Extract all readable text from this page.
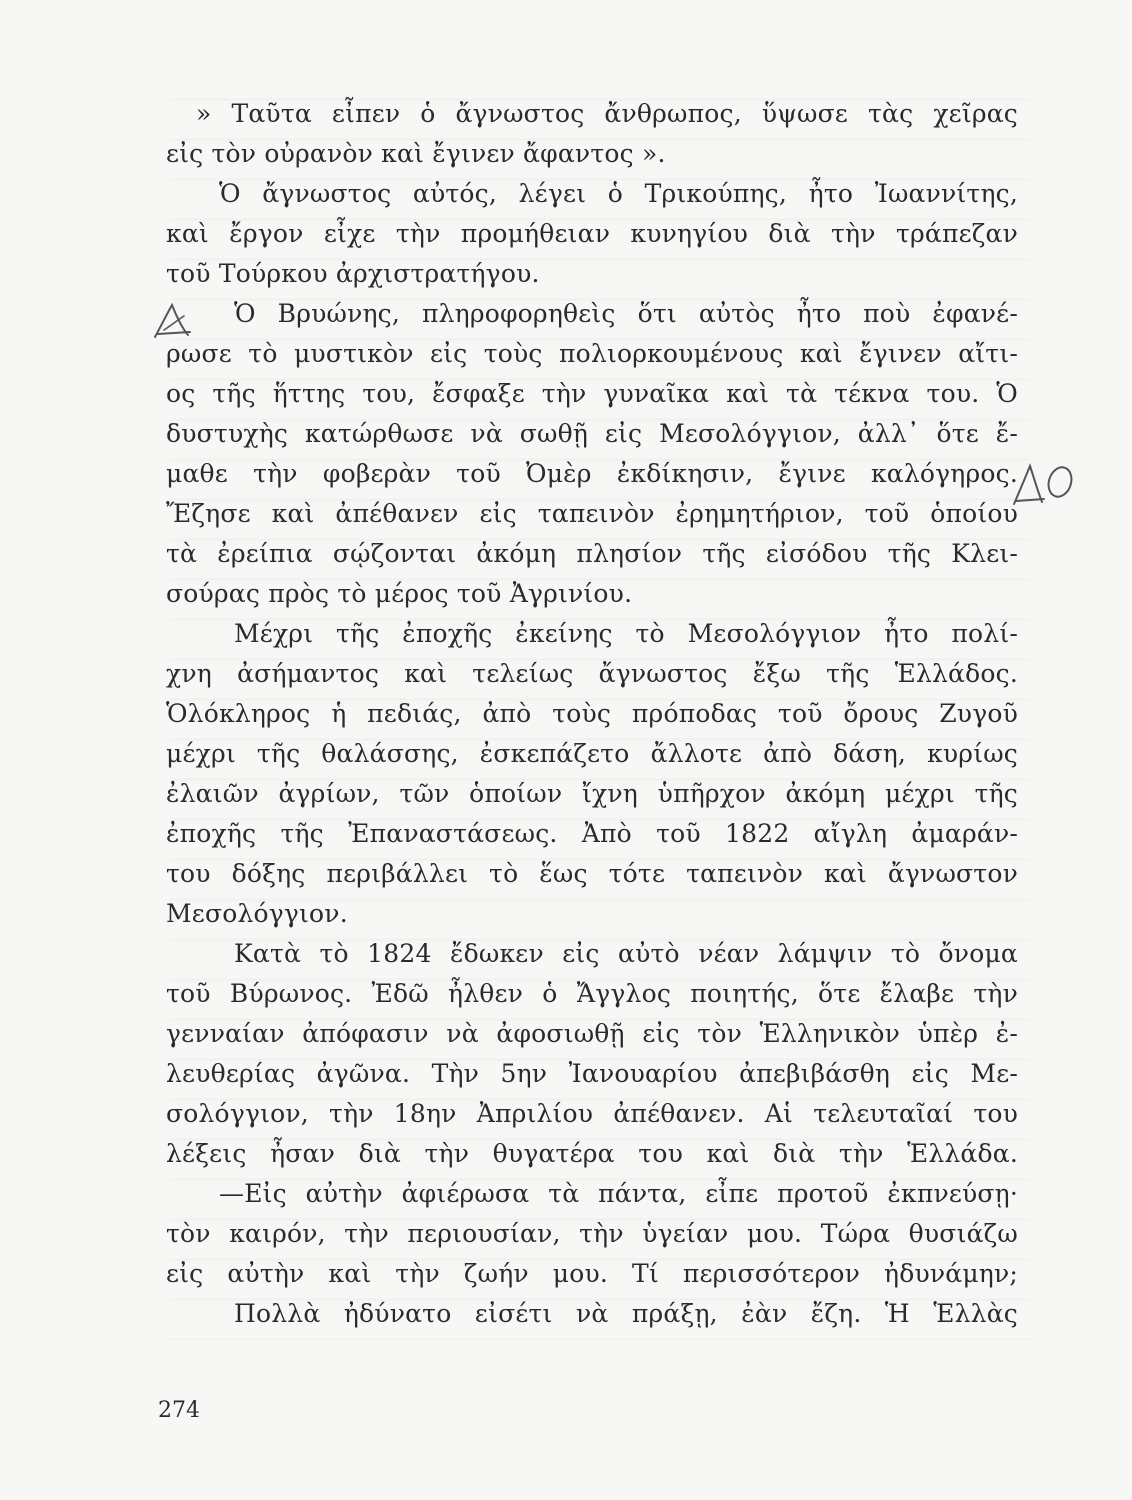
» Ταῦτα εἶπεν ὁ ἄγνωστος ἄνθρωπος, ὕψωσε τὰς χεῖρας
εἰς τὸν οὐρανὸν καὶ ἔγινεν ἄφαντος ».
Ὁ ἄγνωστος αὐτός, λέγει ὁ Τρικούπης, ἦτο Ἰωαννίτης,
καὶ ἔργον εἶχε τὴν προμήθειαν κυνηγίου διὰ τὴν τράπεζαν
τοῦ Τούρκου ἀρχιστρατήγου.
Ὁ Βρυώνης, πληροφορηθεὶς ὅτι αὐτὸς ἦτο ποὺ ἐφανέ-
ρωσε τὸ μυστικὸν εἰς τοὺς πολιορκουμένους καὶ ἔγινεν αἴτι-
ος τῆς ἥττης του, ἔσφαξε τὴν γυναῖκα καὶ τὰ τέκνα του. Ὁ
δυστυχὴς κατώρθωσε νὰ σωθῇ εἰς Μεσολόγγιον, ἀλλ᾽ ὅτε ἔ-
μαθε τὴν φοβερὰν τοῦ Ὀμὲρ ἐκδίκησιν, ἔγινε καλόγηρος.
Ἔζησε καὶ ἀπέθανεν εἰς ταπεινὸν ἐρημητήριον, τοῦ ὁποίου
τὰ ἐρείπια σῴζονται ἀκόμη πλησίον τῆς εἰσόδου τῆς Κλει-
σούρας πρὸς τὸ μέρος τοῦ Ἀγρινίου.
Μέχρι τῆς ἐποχῆς ἐκείνης τὸ Μεσολόγγιον ἦτο πολί-
χνη ἀσήμαντος καὶ τελείως ἄγνωστος ἔξω τῆς Ἑλλάδος.
Ὁλόκληρος ἡ πεδιάς, ἀπὸ τοὺς πρόποδας τοῦ ὄρους Ζυγοῦ
μέχρι τῆς θαλάσσης, ἐσκεπάζετο ἄλλοτε ἀπὸ δάση, κυρίως
ἐλαιῶν ἀγρίων, τῶν ὁποίων ἴχνη ὑπῆρχον ἀκόμη μέχρι τῆς
ἐποχῆς τῆς Ἐπαναστάσεως. Ἀπὸ τοῦ 1822 αἴγλη ἀμαράν-
του δόξης περιβάλλει τὸ ἕως τότε ταπεινὸν καὶ ἄγνωστον
Μεσολόγγιον.
Κατὰ τὸ 1824 ἔδωκεν εἰς αὐτὸ νέαν λάμψιν τὸ ὄνομα
τοῦ Βύρωνος. Ἐδῶ ἦλθεν ὁ Ἄγγλος ποιητής, ὅτε ἔλαβε τὴν
γενναίαν ἀπόφασιν νὰ ἀφοσιωθῇ εἰς τὸν Ἑλληνικὸν ὑπὲρ ἐ-
λευθερίας ἀγῶνα. Τὴν 5ην Ἰανουαρίου ἀπεβιβάσθη εἰς Με-
σολόγγιον, τὴν 18ην Ἀπριλίου ἀπέθανεν. Αἱ τελευταῖαί του
λέξεις ἦσαν διὰ τὴν θυγατέρα του καὶ διὰ τὴν Ἑλλάδα.
—Εἰς αὐτὴν ἀφιέρωσα τὰ πάντα, εἶπε προτοῦ ἐκπνεύσῃ·
τὸν καιρόν, τὴν περιουσίαν, τὴν ὑγείαν μου. Τώρα θυσιάζω
εἰς αὐτὴν καὶ τὴν ζωήν μου. Τί περισσότερον ἠδυνάμην;
Πολλὰ ἠδύνατο εἰσέτι νὰ πράξῃ, ἐὰν ἔζη. Ἡ Ἑλλὰς
274
